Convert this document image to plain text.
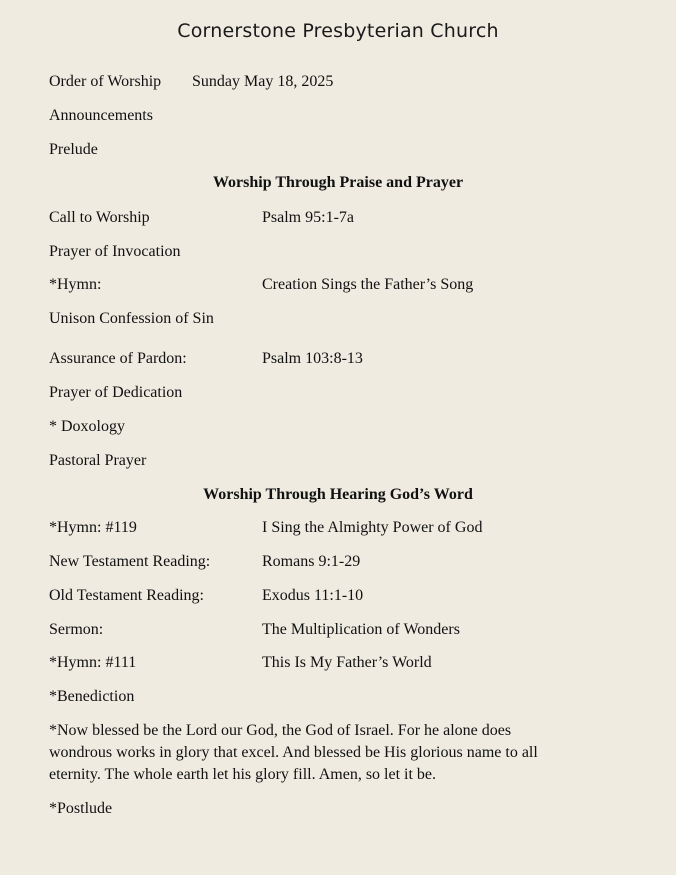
Cornerstone Presbyterian Church
Order of Worship Sunday May 18, 2025
Announcements
Prelude
Worship Through Praise and Prayer
Call to Worship	Psalm 95:1-7a
Prayer of Invocation
*Hymn:	Creation Sings the Father’s Song
Unison Confession of Sin
Assurance of Pardon:	Psalm 103:8-13
Prayer of Dedication
* Doxology
Pastoral Prayer
Worship Through Hearing God’s Word
*Hymn: #119	I Sing the Almighty Power of God
New Testament Reading:	Romans 9:1-29
Old Testament Reading:	Exodus 11:1-10
Sermon:	The Multiplication of Wonders
*Hymn: #111	This Is My Father’s World
*Benediction
*Now blessed be the Lord our God, the God of Israel. For he alone does
wondrous works in glory that excel. And blessed be His glorious name to all
eternity. The whole earth let his glory fill. Amen, so let it be.
*Postlude
